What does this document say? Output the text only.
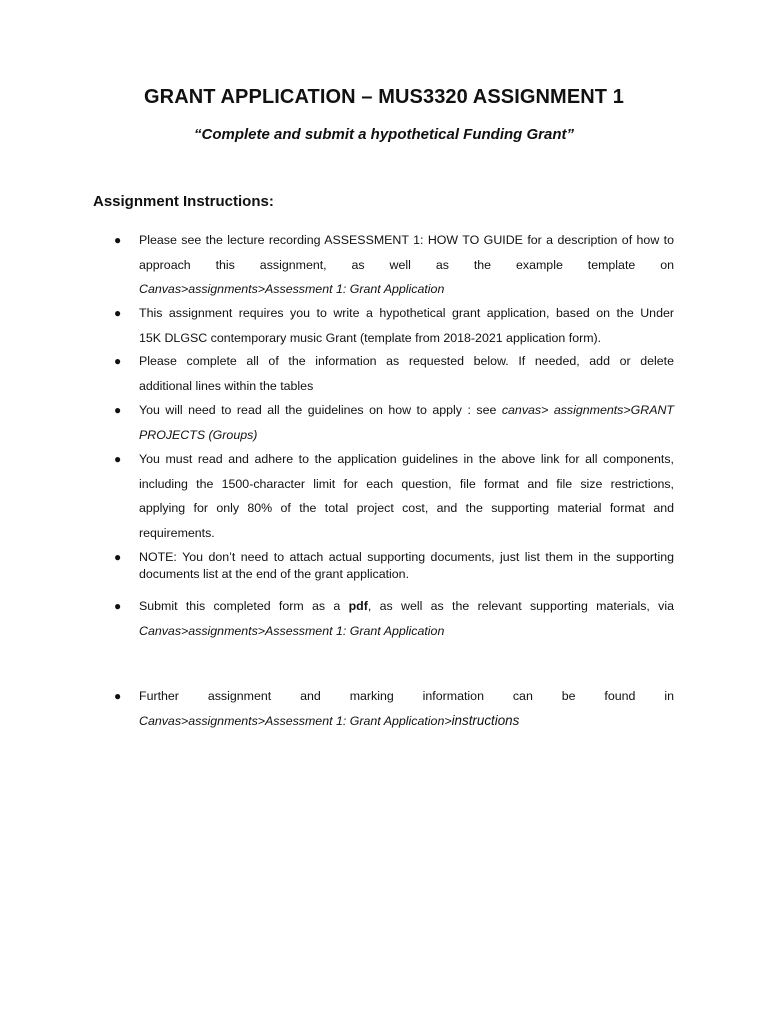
GRANT APPLICATION – MUS3320 ASSIGNMENT 1

“Complete and submit a hypothetical Funding Grant”

Assignment Instructions:
● Please see the lecture recording ASSESSMENT 1: HOW TO GUIDE for a description of how to
approach this assignment, as well as the example template on
Canvas>assignments>Assessment 1: Grant Application
● This assignment requires you to write a hypothetical grant application, based on the Under
15K DLGSC contemporary music Grant (template from 2018-2021 application form).
● Please complete all of the information as requested below. If needed, add or delete
additional lines within the tables
● You will need to read all the guidelines on how to apply : see canvas> assignments>GRANT
PROJECTS (Groups)
● You must read and adhere to the application guidelines in the above link for all components,
including the 1500-character limit for each question, file format and file size restrictions,
applying for only 80% of the total project cost, and the supporting material format and
requirements.
● NOTE: You don’t need to attach actual supporting documents, just list them in the supporting
documents list at the end of the grant application.
● Submit this completed form as a pdf, as well as the relevant supporting materials, via
Canvas>assignments>Assessment 1: Grant Application
● Further assignment and marking information can be found in
Canvas>assignments>Assessment 1: Grant Application>instructions
